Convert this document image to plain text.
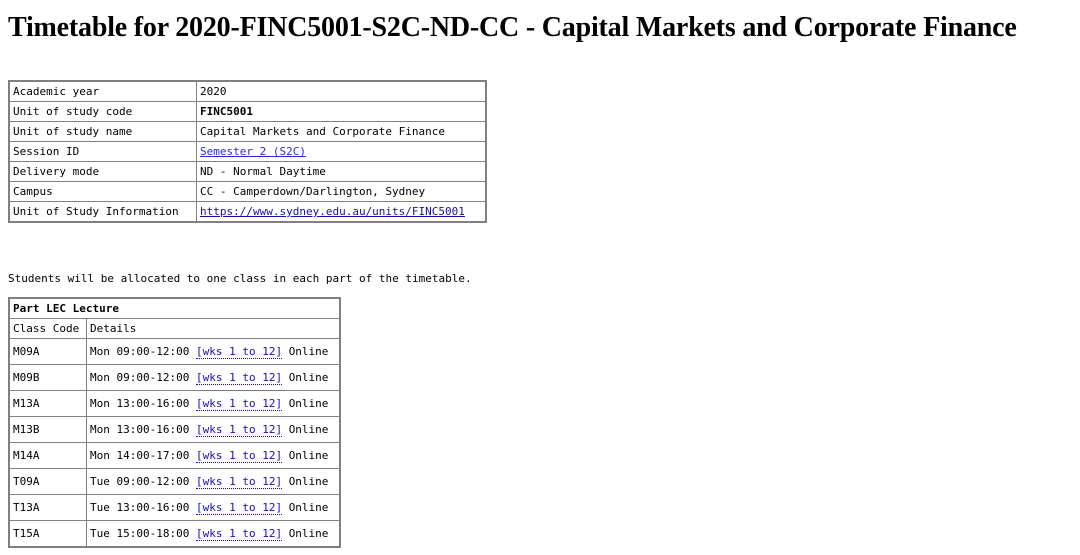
Timetable for 2020-FINC5001-S2C-ND-CC - Capital Markets and Corporate Finance
Academic year	2020
Unit of study code	FINC5001
Unit of study name	Capital Markets and Corporate Finance
Session ID	Semester 2 (S2C)
Delivery mode	ND - Normal Daytime
Campus	CC - Camperdown/Darlington, Sydney
Unit of Study Information	https://www.sydney.edu.au/units/FINC5001
Students will be allocated to one class in each part of the timetable.
Part LEC Lecture	
Class Code	Details
M09A	Mon 09:00-12:00 [wks 1 to 12] Online
M09B	Mon 09:00-12:00 [wks 1 to 12] Online
M13A	Mon 13:00-16:00 [wks 1 to 12] Online
M13B	Mon 13:00-16:00 [wks 1 to 12] Online
M14A	Mon 14:00-17:00 [wks 1 to 12] Online
T09A	Tue 09:00-12:00 [wks 1 to 12] Online
T13A	Tue 13:00-16:00 [wks 1 to 12] Online
T15A	Tue 15:00-18:00 [wks 1 to 12] Online
